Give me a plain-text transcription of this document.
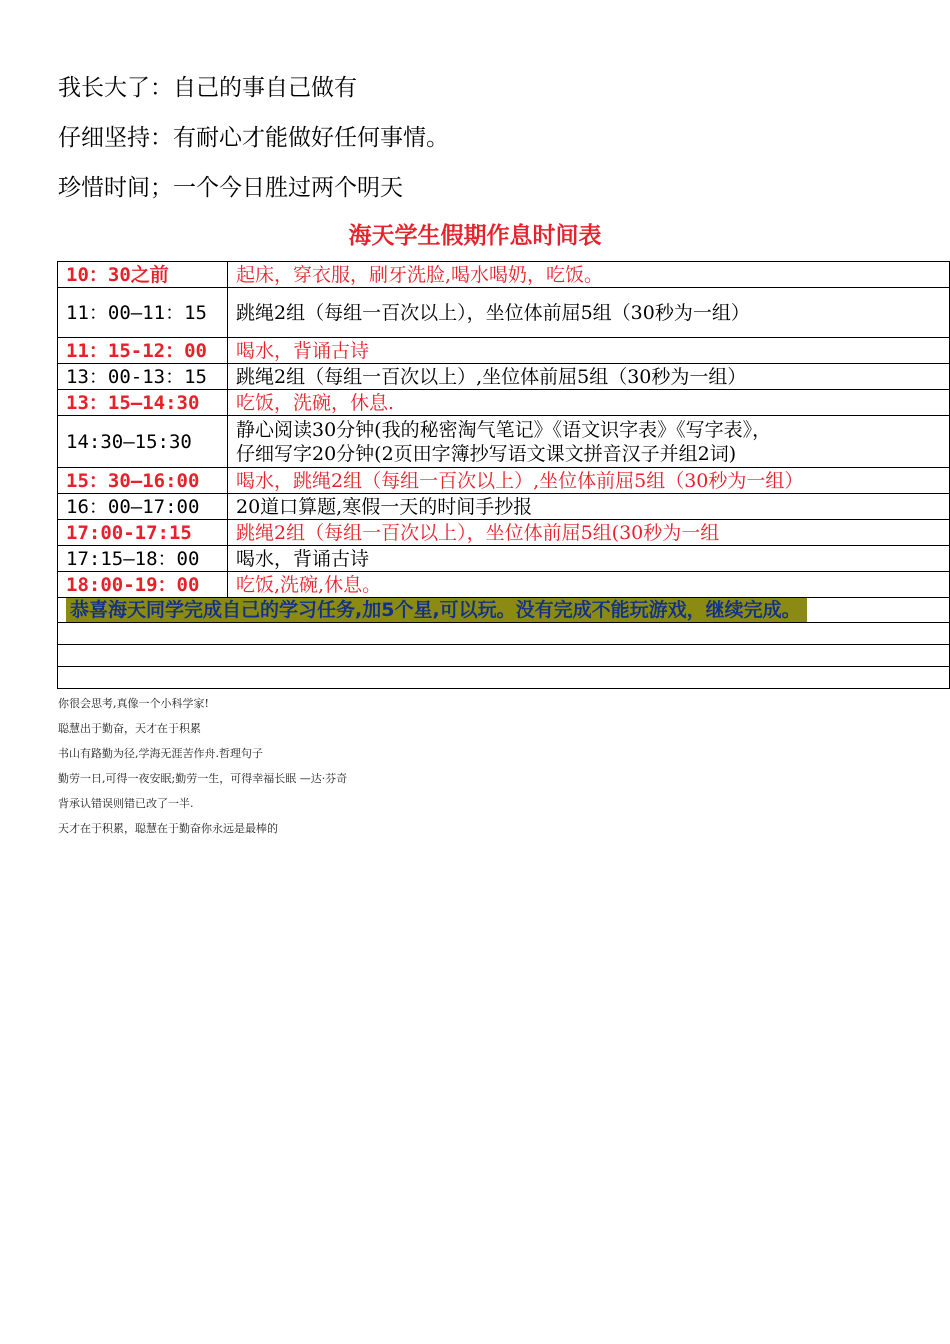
我长大了：自己的事自己做有
仔细坚持：有耐心才能做好任何事情。
珍惜时间；一个今日胜过两个明天
海天学生假期作息时间表
10：30之前	起床，穿衣服，刷牙洗脸,喝水喝奶，吃饭。
11：00—11：15	跳绳2组（每组一百次以上），坐位体前屈5组（30秒为一组）
11：15-12：00	喝水，背诵古诗
13：00-13：15	跳绳2组（每组一百次以上）,坐位体前屈5组（30秒为一组）
13：15—14:30	吃饭，洗碗，休息.
14:30—15:30	静心阅读30分钟(我的秘密淘气笔记》《语文识字表》《写字表》，
仔细写字20分钟(2页田字簿抄写语文课文拼音汉子并组2词)

15：30—16:00	喝水，跳绳2组（每组一百次以上）,坐位体前屈5组（30秒为一组）
16：00—17:00	20道口算题,寒假一天的时间手抄报
17:00-17:15	跳绳2组（每组一百次以上），坐位体前屈5组(30秒为一组
17:15—18：00	喝水，背诵古诗
18:00-19：00	吃饭,洗碗,休息。
恭喜海天同学完成自己的学习任务,加5个星,可以玩。没有完成不能玩游戏，继续完成。	

你很会思考,真像一个小科学家!
聪慧出于勤奋，天才在于积累
书山有路勤为径,学海无涯苦作舟.哲理句子
勤劳一日,可得一夜安眠;勤劳一生，可得幸福长眠 —达·芬奇
背承认错误则错已改了一半.
天才在于积累，聪慧在于勤奋你永远是最棒的
